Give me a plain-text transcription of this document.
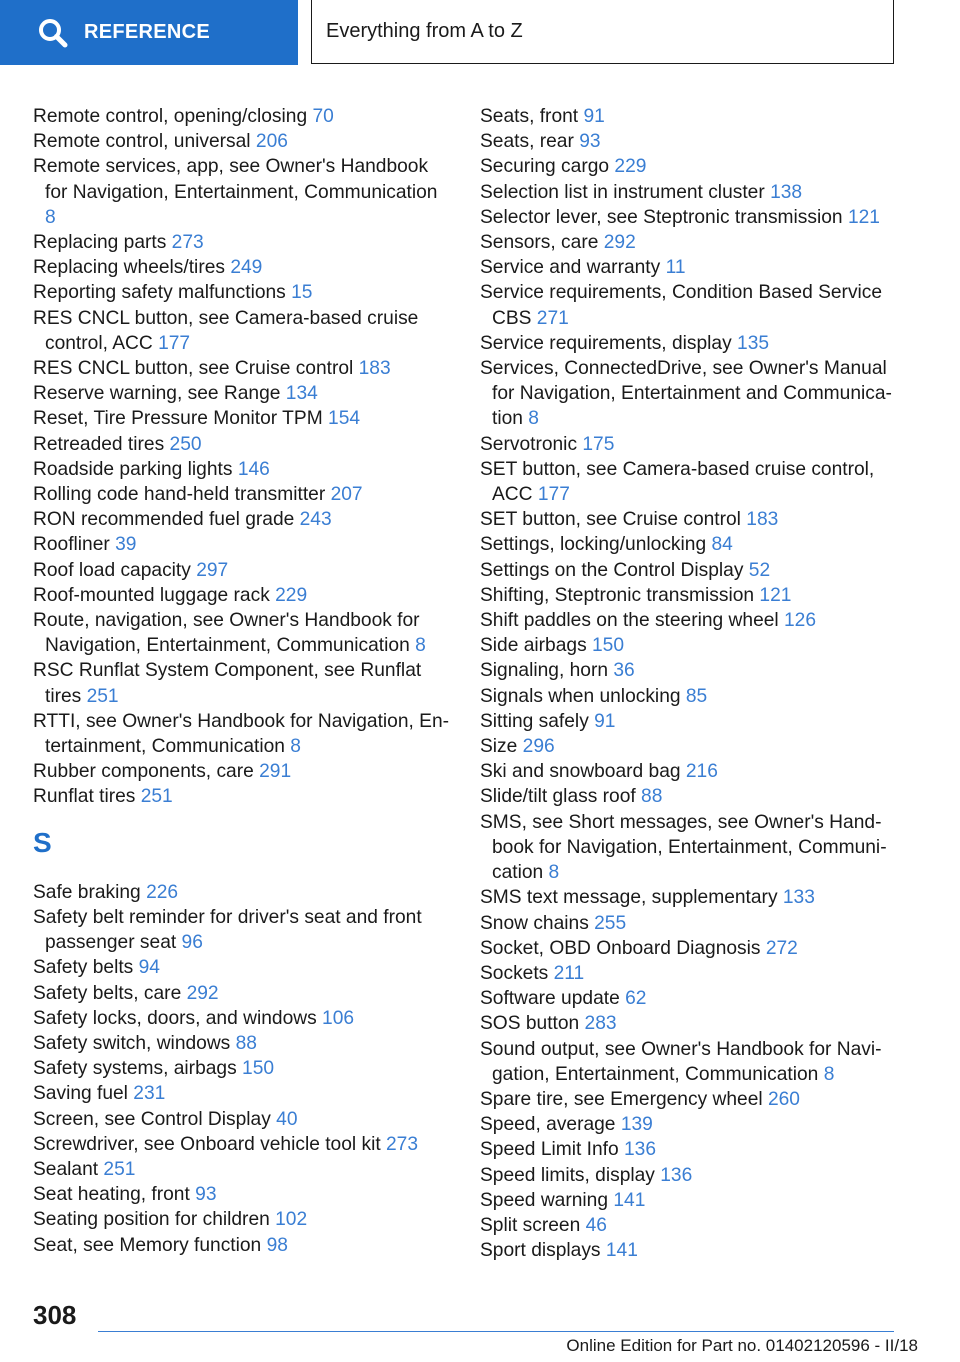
REFERENCE	Everything from A to Z
Remote control, opening/closing 70
Remote control, universal 206
Remote services, app, see Owner's Handbook for Navigation, Entertainment, Communication 8
Replacing parts 273
Replacing wheels/tires 249
Reporting safety malfunctions 15
RES CNCL button, see Camera-based cruise control, ACC 177
RES CNCL button, see Cruise control 183
Reserve warning, see Range 134
Reset, Tire Pressure Monitor TPM 154
Retreaded tires 250
Roadside parking lights 146
Rolling code hand-held transmitter 207
RON recommended fuel grade 243
Roofliner 39
Roof load capacity 297
Roof-mounted luggage rack 229
Route, navigation, see Owner's Handbook for Navigation, Entertainment, Communication 8
RSC Runflat System Component, see Runflat tires 251
RTTI, see Owner's Handbook for Navigation, Entertainment, Communication 8
Rubber components, care 291
Runflat tires 251
S
Safe braking 226
Safety belt reminder for driver's seat and front passenger seat 96
Safety belts 94
Safety belts, care 292
Safety locks, doors, and windows 106
Safety switch, windows 88
Safety systems, airbags 150
Saving fuel 231
Screen, see Control Display 40
Screwdriver, see Onboard vehicle tool kit 273
Sealant 251
Seat heating, front 93
Seating position for children 102
Seat, see Memory function 98
Seats, front 91
Seats, rear 93
Securing cargo 229
Selection list in instrument cluster 138
Selector lever, see Steptronic transmission 121
Sensors, care 292
Service and warranty 11
Service requirements, Condition Based Service CBS 271
Service requirements, display 135
Services, ConnectedDrive, see Owner's Manual for Navigation, Entertainment and Communication 8
Servotronic 175
SET button, see Camera-based cruise control, ACC 177
SET button, see Cruise control 183
Settings, locking/unlocking 84
Settings on the Control Display 52
Shifting, Steptronic transmission 121
Shift paddles on the steering wheel 126
Side airbags 150
Signaling, horn 36
Signals when unlocking 85
Sitting safely 91
Size 296
Ski and snowboard bag 216
Slide/tilt glass roof 88
SMS, see Short messages, see Owner's Handbook for Navigation, Entertainment, Communication 8
SMS text message, supplementary 133
Snow chains 255
Socket, OBD Onboard Diagnosis 272
Sockets 211
Software update 62
SOS button 283
Sound output, see Owner's Handbook for Navigation, Entertainment, Communication 8
Spare tire, see Emergency wheel 260
Speed, average 139
Speed Limit Info 136
Speed limits, display 136
Speed warning 141
Split screen 46
Sport displays 141
308
Online Edition for Part no. 01402120596 - II/18
